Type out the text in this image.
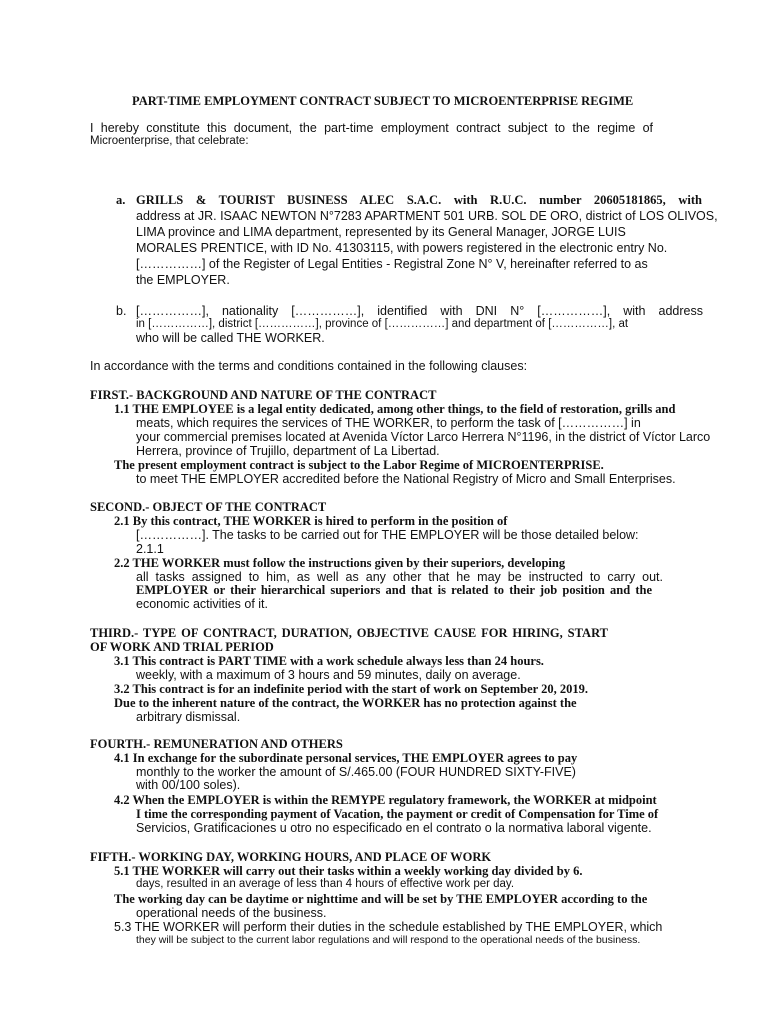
PART-TIME EMPLOYMENT CONTRACT SUBJECT TO MICROENTERPRISE REGIME
I hereby constitute this document, the part-time employment contract subject to the regime of
Microenterprise, that celebrate:
a. GRILLS & TOURIST BUSINESS ALEC S.A.C. with R.U.C. number 20605181865, with
address at JR. ISAAC NEWTON N°7283 APARTMENT 501 URB. SOL DE ORO, district of LOS OLIVOS,
LIMA province and LIMA department, represented by its General Manager, JORGE LUIS
MORALES PRENTICE, with ID No. 41303115, with powers registered in the electronic entry No.
[……………] of the Register of Legal Entities - Registral Zone N° V, hereinafter referred to as
the EMPLOYER.
b. [……………], nationality [……………], identified with DNI N° [……………], with address
in [……………], district [……………], province of [……………] and department of [……………], at
who will be called THE WORKER.
In accordance with the terms and conditions contained in the following clauses:
FIRST.- BACKGROUND AND NATURE OF THE CONTRACT
1.1 THE EMPLOYEE is a legal entity dedicated, among other things, to the field of restoration, grills and
meats, which requires the services of THE WORKER, to perform the task of [……………] in
your commercial premises located at Avenida Víctor Larco Herrera N°1196, in the district of Víctor Larco
Herrera, province of Trujillo, department of La Libertad.
The present employment contract is subject to the Labor Regime of MICROENTERPRISE.
to meet THE EMPLOYER accredited before the National Registry of Micro and Small Enterprises.
SECOND.- OBJECT OF THE CONTRACT
2.1 By this contract, THE WORKER is hired to perform in the position of
[……………]. The tasks to be carried out for THE EMPLOYER will be those detailed below:
2.1.1
2.2 THE WORKER must follow the instructions given by their superiors, developing
all tasks assigned to him, as well as any other that he may be instructed to carry out.
EMPLOYER or their hierarchical superiors and that is related to their job position and the
economic activities of it.
THIRD.- TYPE OF CONTRACT, DURATION, OBJECTIVE CAUSE FOR HIRING, START
OF WORK AND TRIAL PERIOD
3.1 This contract is PART TIME with a work schedule always less than 24 hours.
weekly, with a maximum of 3 hours and 59 minutes, daily on average.
3.2 This contract is for an indefinite period with the start of work on September 20, 2019.
Due to the inherent nature of the contract, the WORKER has no protection against the
arbitrary dismissal.
FOURTH.- REMUNERATION AND OTHERS
4.1 In exchange for the subordinate personal services, THE EMPLOYER agrees to pay
monthly to the worker the amount of S/.465.00 (FOUR HUNDRED SIXTY-FIVE)
with 00/100 soles).
4.2 When the EMPLOYER is within the REMYPE regulatory framework, the WORKER at midpoint
I time the corresponding payment of Vacation, the payment or credit of Compensation for Time of
Servicios, Gratificaciones u otro no especificado en el contrato o la normativa laboral vigente.
FIFTH.- WORKING DAY, WORKING HOURS, AND PLACE OF WORK
5.1 THE WORKER will carry out their tasks within a weekly working day divided by 6.
days, resulted in an average of less than 4 hours of effective work per day.
The working day can be daytime or nighttime and will be set by THE EMPLOYER according to the
operational needs of the business.
5.3 THE WORKER will perform their duties in the schedule established by THE EMPLOYER, which
they will be subject to the current labor regulations and will respond to the operational needs of the business.
